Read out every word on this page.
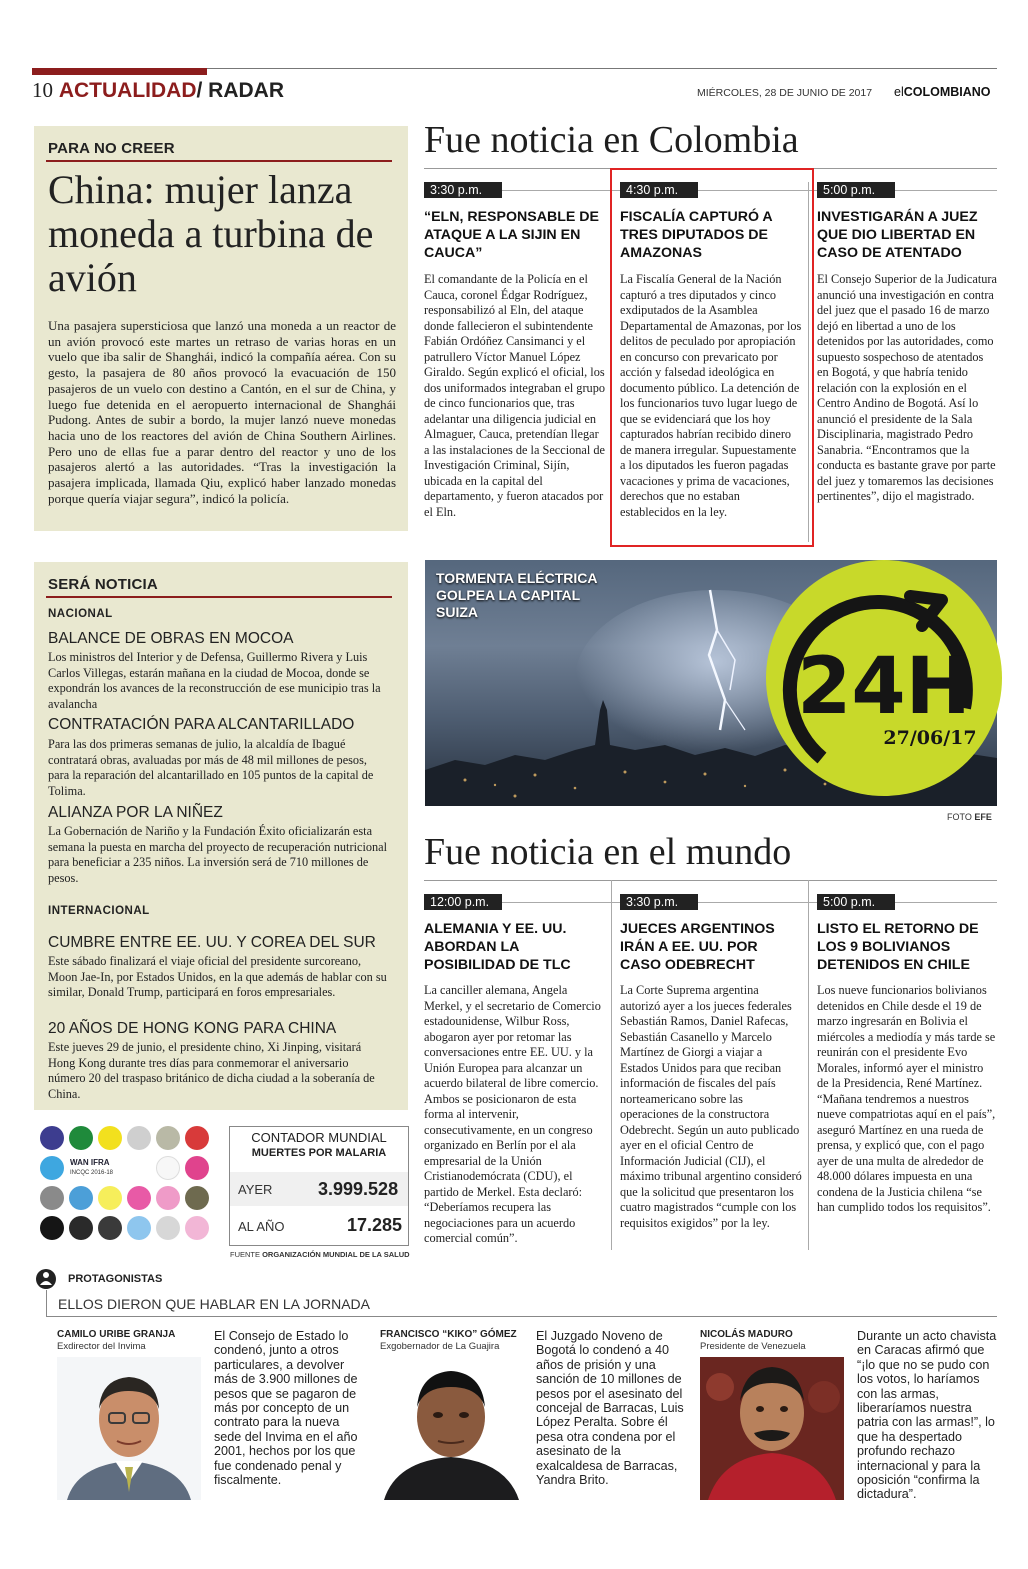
10 ACTUALIDAD/ RADAR	MIÉRCOLES, 28 DE JUNIO DE 2017 elCOLOMBIANO
PARA NO CREER
China: mujer lanza moneda a turbina de avión
Una pasajera supersticiosa que lanzó una moneda a un reactor de un avión provocó este martes un retraso de varias horas en un vuelo que iba salir de Shanghái, indicó la compañía aérea. Con su gesto, la pasajera de 80 años provocó la evacuación de 150 pasajeros de un vuelo con destino a Cantón, en el sur de China, y luego fue detenida en el aeropuerto internacional de Shanghái Pudong. Antes de subir a bordo, la mujer lanzó nueve monedas hacia uno de los reactores del avión de China Southern Airlines. Pero uno de ellas fue a parar dentro del reactor y uno de los pasajeros alertó a las autoridades. “Tras la investigación la pasajera implicada, llamada Qiu, explicó haber lanzado monedas porque quería viajar segura”, indicó la policía.
SERÁ NOTICIA
NACIONAL
BALANCE DE OBRAS EN MOCOA
Los ministros del Interior y de Defensa, Guillermo Rivera y Luis Carlos Villegas, estarán mañana en la ciudad de Mocoa, donde se expondrán los avances de la reconstrucción de ese municipio tras la avalancha
CONTRATACIÓN PARA ALCANTARILLADO
Para las dos primeras semanas de julio, la alcaldía de Ibagué contratará obras, avaluadas por más de 48 mil millones de pesos, para la reparación del alcantarillado en 105 puntos de la capital de Tolima.
ALIANZA POR LA NIÑEZ
La Gobernación de Nariño y la Fundación Éxito oficializarán esta semana la puesta en marcha del proyecto de recuperación nutricional para beneficiar a 235 niños. La inversión será de 710 millones de pesos.
INTERNACIONAL
CUMBRE ENTRE EE. UU. Y COREA DEL SUR
Este sábado finalizará el viaje oficial del presidente surcoreano, Moon Jae-In, por Estados Unidos, en la que además de hablar con su similar, Donald Trump, participará en foros empresariales.
20 AÑOS DE HONG KONG PARA CHINA
Este jueves 29 de junio, el presidente chino, Xi Jinping, visitará Hong Kong durante tres días para conmemorar el aniversario número 20 del traspaso británico de dicha ciudad a la soberanía de China.
Fue noticia en Colombia
3:30 p.m.	4:30 p.m.	5:00 p.m.
“ELN, RESPONSABLE DE ATAQUE A LA SIJIN EN CAUCA”
El comandante de la Policía en el Cauca, coronel Édgar Rodríguez, responsabilizó al Eln, del ataque donde fallecieron el subintendente Fabián Ordóñez Cansimanci y el patrullero Víctor Manuel López Giraldo. Según explicó el oficial, los dos uniformados integraban el grupo de cinco funcionarios que, tras adelantar una diligencia judicial en Almaguer, Cauca, pretendían llegar a las instalaciones de la Seccional de Investigación Criminal, Sijín, ubicada en la capital del departamento, y fueron atacados por el Eln.
FISCALÍA CAPTURÓ A TRES DIPUTADOS DE AMAZONAS
La Fiscalía General de la Nación capturó a tres diputados y cinco exdiputados de la Asamblea Departamental de Amazonas, por los delitos de peculado por apropiación en concurso con prevaricato por acción y falsedad ideológica en documento público. La detención de los funcionarios tuvo lugar luego de que se evidenciará que los hoy capturados habrían recibido dinero de manera irregular. Supuestamente a los diputados les fueron pagadas vacaciones y prima de vacaciones, derechos que no estaban establecidos en la ley.
INVESTIGARÁN A JUEZ QUE DIO LIBERTAD EN CASO DE ATENTADO
El Consejo Superior de la Judicatura anunció una investigación en contra del juez que el pasado 16 de marzo dejó en libertad a uno de los detenidos por las autoridades, como supuesto sospechoso de atentados en Bogotá, y que habría tenido relación con la explosión en el Centro Andino de Bogotá. Así lo anunció el presidente de la Sala Disciplinaria, magistrado Pedro Sanabria. “Encontramos que la conducta es bastante grave por parte del juez y tomaremos las decisiones pertinentes”, dijo el magistrado.
TORMENTA ELÉCTRICA GOLPEA LA CAPITAL SUIZA
24H
27/06/17
FOTO EFE
Fue noticia en el mundo
12:00 p.m.	3:30 p.m.	5:00 p.m.
ALEMANIA Y EE. UU. ABORDAN LA POSIBILIDAD DE TLC
La canciller alemana, Angela Merkel, y el secretario de Comercio estadounidense, Wilbur Ross, abogaron ayer por retomar las conversaciones entre EE. UU. y la Unión Europea para alcanzar un acuerdo bilateral de libre comercio. Ambos se posicionaron de esta forma al intervenir, consecutivamente, en un congreso organizado en Berlín por el ala empresarial de la Unión Cristianodemócrata (CDU), el partido de Merkel. Esta declaró: “Deberíamos recupera las negociaciones para un acuerdo comercial común”.
JUECES ARGENTINOS IRÁN A EE. UU. POR CASO ODEBRECHT
La Corte Suprema argentina autorizó ayer a los jueces federales Sebastián Ramos, Daniel Rafecas, Sebastián Casanello y Marcelo Martínez de Giorgi a viajar a Estados Unidos para que reciban información de fiscales del país norteamericano sobre las operaciones de la constructora Odebrecht. Según un auto publicado ayer en el oficial Centro de Información Judicial (CIJ), el máximo tribunal argentino consideró que la solicitud que presentaron los cuatro magistrados “cumple con los requisitos exigidos” por la ley.
LISTO EL RETORNO DE LOS 9 BOLIVIANOS DETENIDOS EN CHILE
Los nueve funcionarios bolivianos detenidos en Chile desde el 19 de marzo ingresarán en Bolivia el miércoles a mediodía y más tarde se reunirán con el presidente Evo Morales, informó ayer el ministro de la Presidencia, René Martínez. “Mañana tendremos a nuestros nueve compatriotas aquí en el país”, aseguró Martínez en una rueda de prensa, y explicó que, con el pago ayer de una multa de alrededor de 48.000 dólares impuesta en una condena de la Justicia chilena “se han cumplido todos los requisitos”.
WAN IFRA
INCQC 2016-18
CONTADOR MUNDIAL
MUERTES POR MALARIA
AYER	3.999.528
AL AÑO	17.285
FUENTE ORGANIZACIÓN MUNDIAL DE LA SALUD
PROTAGONISTAS
ELLOS DIERON QUE HABLAR EN LA JORNADA
CAMILO URIBE GRANJA
Exdirector del Invima
El Consejo de Estado lo condenó, junto a otros particulares, a devolver más de 3.900 millones de pesos que se pagaron de más por concepto de un contrato para la nueva sede del Invima en el año 2001, hechos por los que fue condenado penal y fiscalmente.
FRANCISCO “KIKO” GÓMEZ
Exgobernador de La Guajira
El Juzgado Noveno de Bogotá lo condenó a 40 años de prisión y una sanción de 10 millones de pesos por el asesinato del concejal de Barracas, Luis López Peralta. Sobre él pesa otra condena por el asesinato de la exalcaldesa de Barracas, Yandra Brito.
NICOLÁS MADURO
Presidente de Venezuela
Durante un acto chavista en Caracas afirmó que “¡lo que no se pudo con los votos, lo haríamos con las armas, liberaríamos nuestra patria con las armas!”, lo que ha despertado profundo rechazo internacional y para la oposición “confirma la dictadura”.
